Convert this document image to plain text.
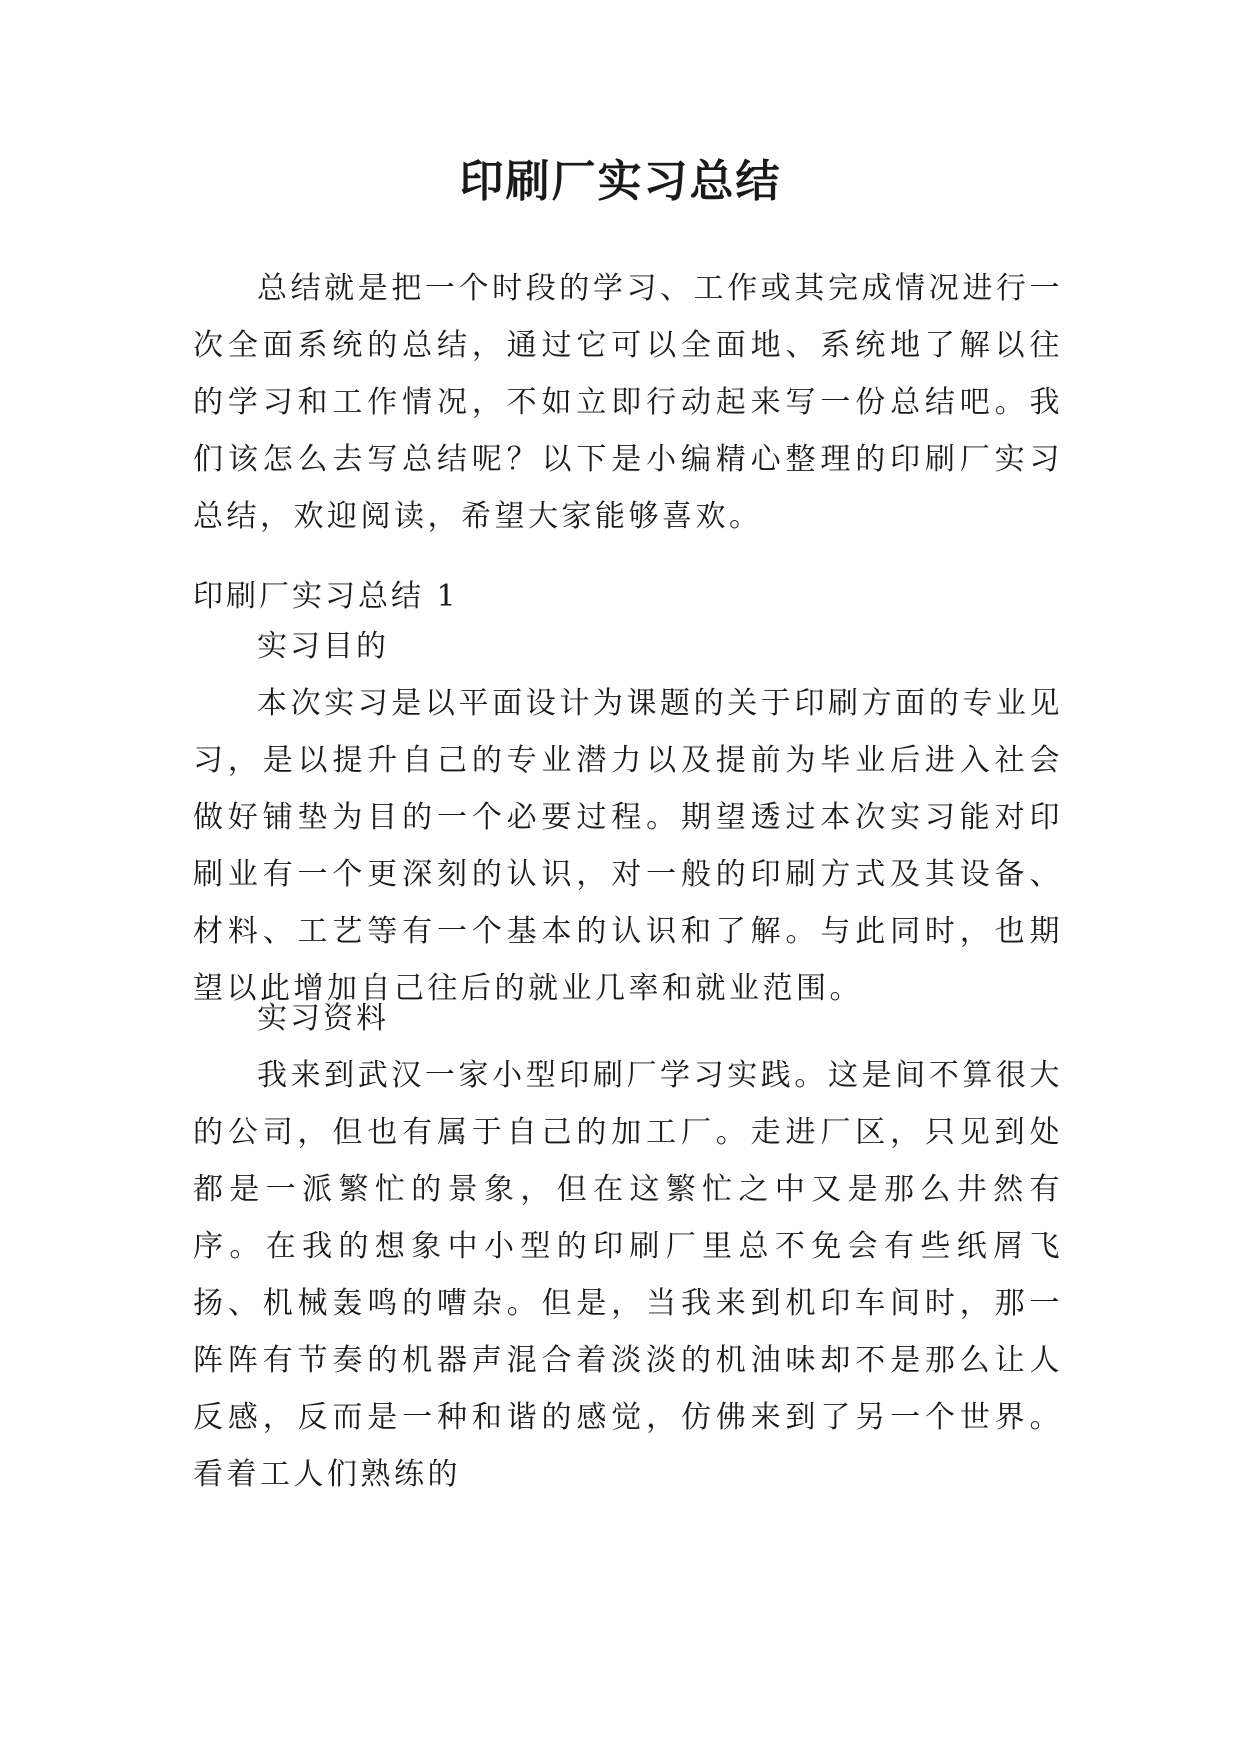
印刷厂实习总结

总结就是把一个时段的学习、工作或其完成情况进行一次全面系统的总结，通过它可以全面地、系统地了解以往的学习和工作情况，不如立即行动起来写一份总结吧。我们该怎么去写总结呢？以下是小编精心整理的印刷厂实习总结，欢迎阅读，希望大家能够喜欢。

印刷厂实习总结 1

实习目的

本次实习是以平面设计为课题的关于印刷方面的专业见习，是以提升自己的专业潜力以及提前为毕业后进入社会做好铺垫为目的一个必要过程。期望透过本次实习能对印刷业有一个更深刻的认识，对一般的印刷方式及其设备、材料、工艺等有一个基本的认识和了解。与此同时，也期望以此增加自己往后的就业几率和就业范围。

实习资料

我来到武汉一家小型印刷厂学习实践。这是间不算很大的公司，但也有属于自己的加工厂。走进厂区，只见到处都是一派繁忙的景象，但在这繁忙之中又是那么井然有序。在我的想象中小型的印刷厂里总不免会有些纸屑飞扬、机械轰鸣的嘈杂。但是，当我来到机印车间时，那一阵阵有节奏的机器声混合着淡淡的机油味却不是那么让人反感，反而是一种和谐的感觉，仿佛来到了另一个世界。看着工人们熟练的
